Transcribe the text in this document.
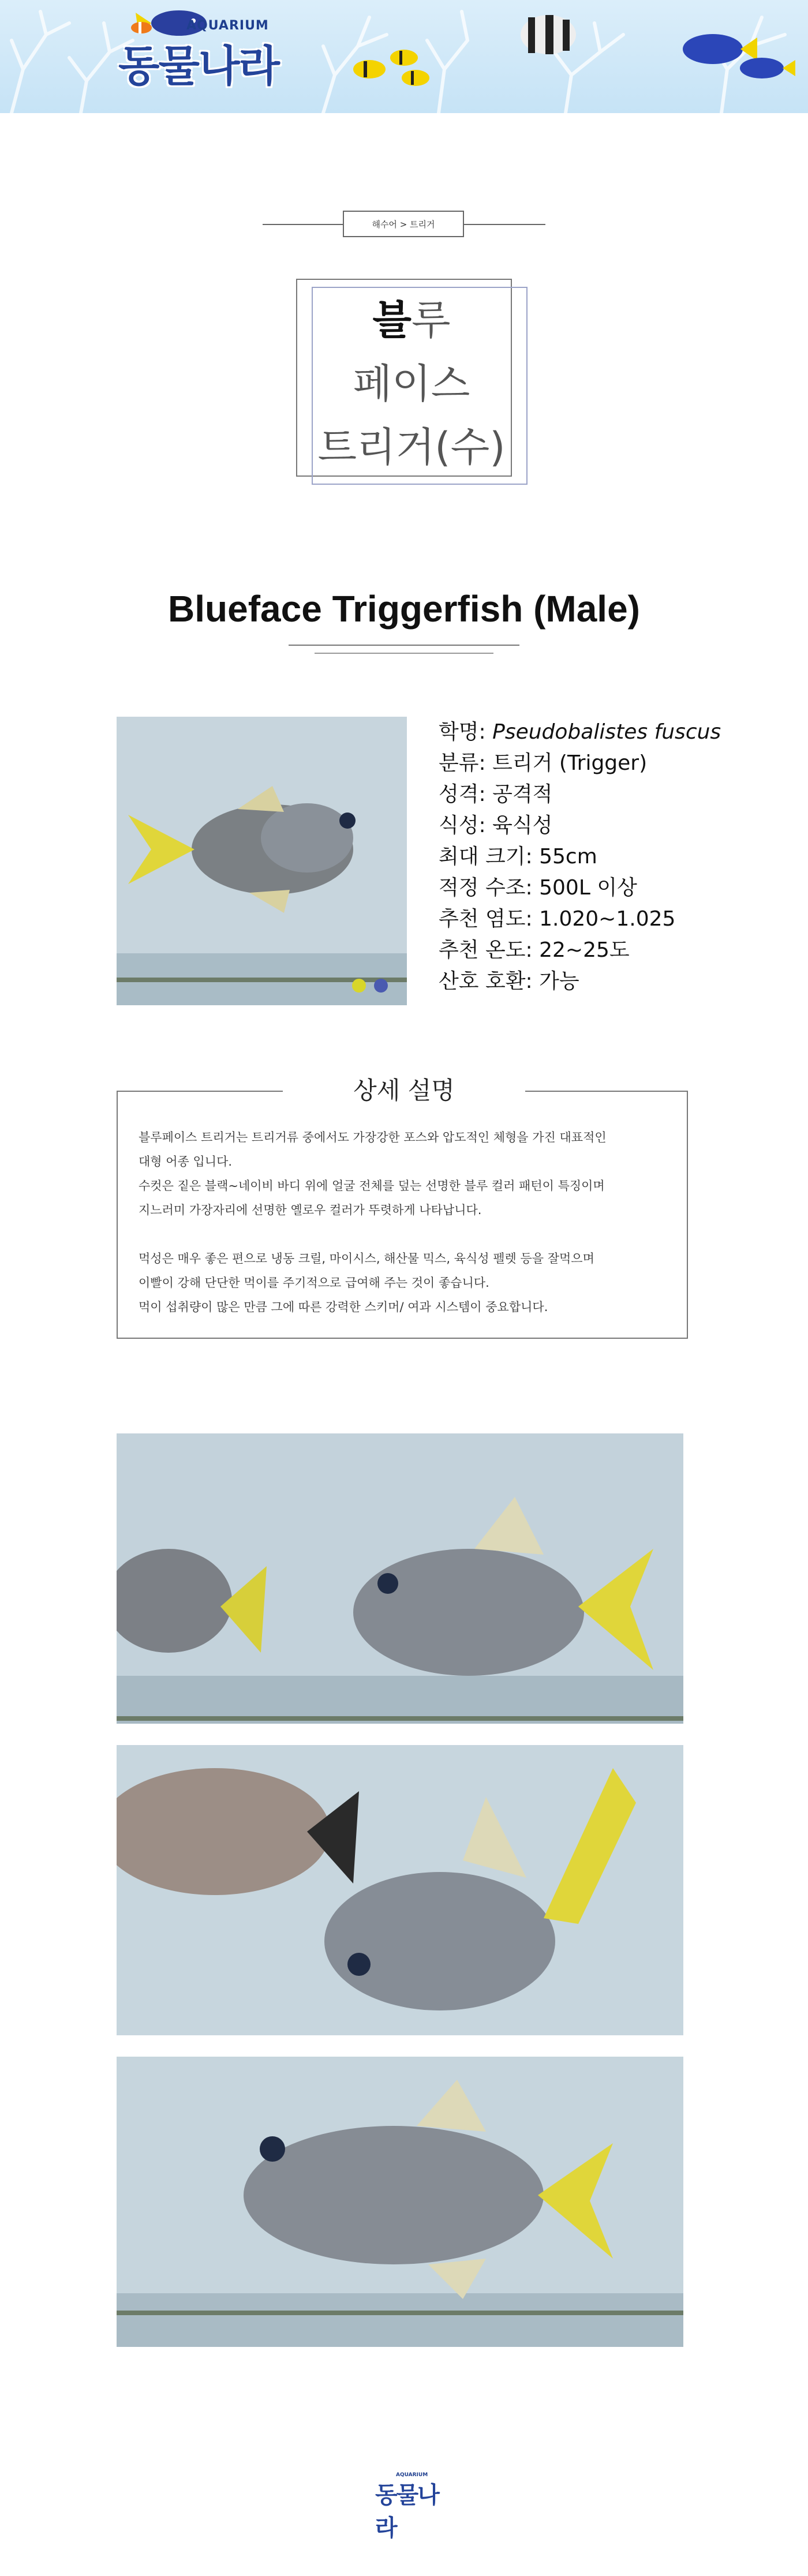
AQUARIUM
동물나라
해수어 > 트리거
블루
페이스
트리거(수)
Blueface Triggerfish (Male)
학명: Pseudobalistes fuscus
분류: 트리거 (Trigger)
성격: 공격적
식성: 육식성
최대 크기: 55cm
적정 수조: 500L 이상
추천 염도: 1.020~1.025
추천 온도: 22~25도
산호 호환: 가능
상세 설명

블루페이스 트리거는 트리거류 중에서도 가장강한 포스와 압도적인 체형을 가진 대표적인

대형 어종 입니다.

수컷은 짙은 블랙~네이비 바디 위에 얼굴 전체를 덮는 선명한 블루 컬러 패턴이 특징이며

지느러미 가장자리에 선명한 옐로우 컬러가 뚜렷하게 나타납니다.

먹성은 매우 좋은 편으로 냉동 크릴, 마이시스, 해산물 믹스, 육식성 펠렛 등을 잘먹으며

이빨이 강해 단단한 먹이를 주기적으로 급여해 주는 것이 좋습니다.

먹이 섭취량이 많은 만큼 그에 따른 강력한 스키머/ 여과 시스템이 중요합니다.

AQUARIUM
동물나라
